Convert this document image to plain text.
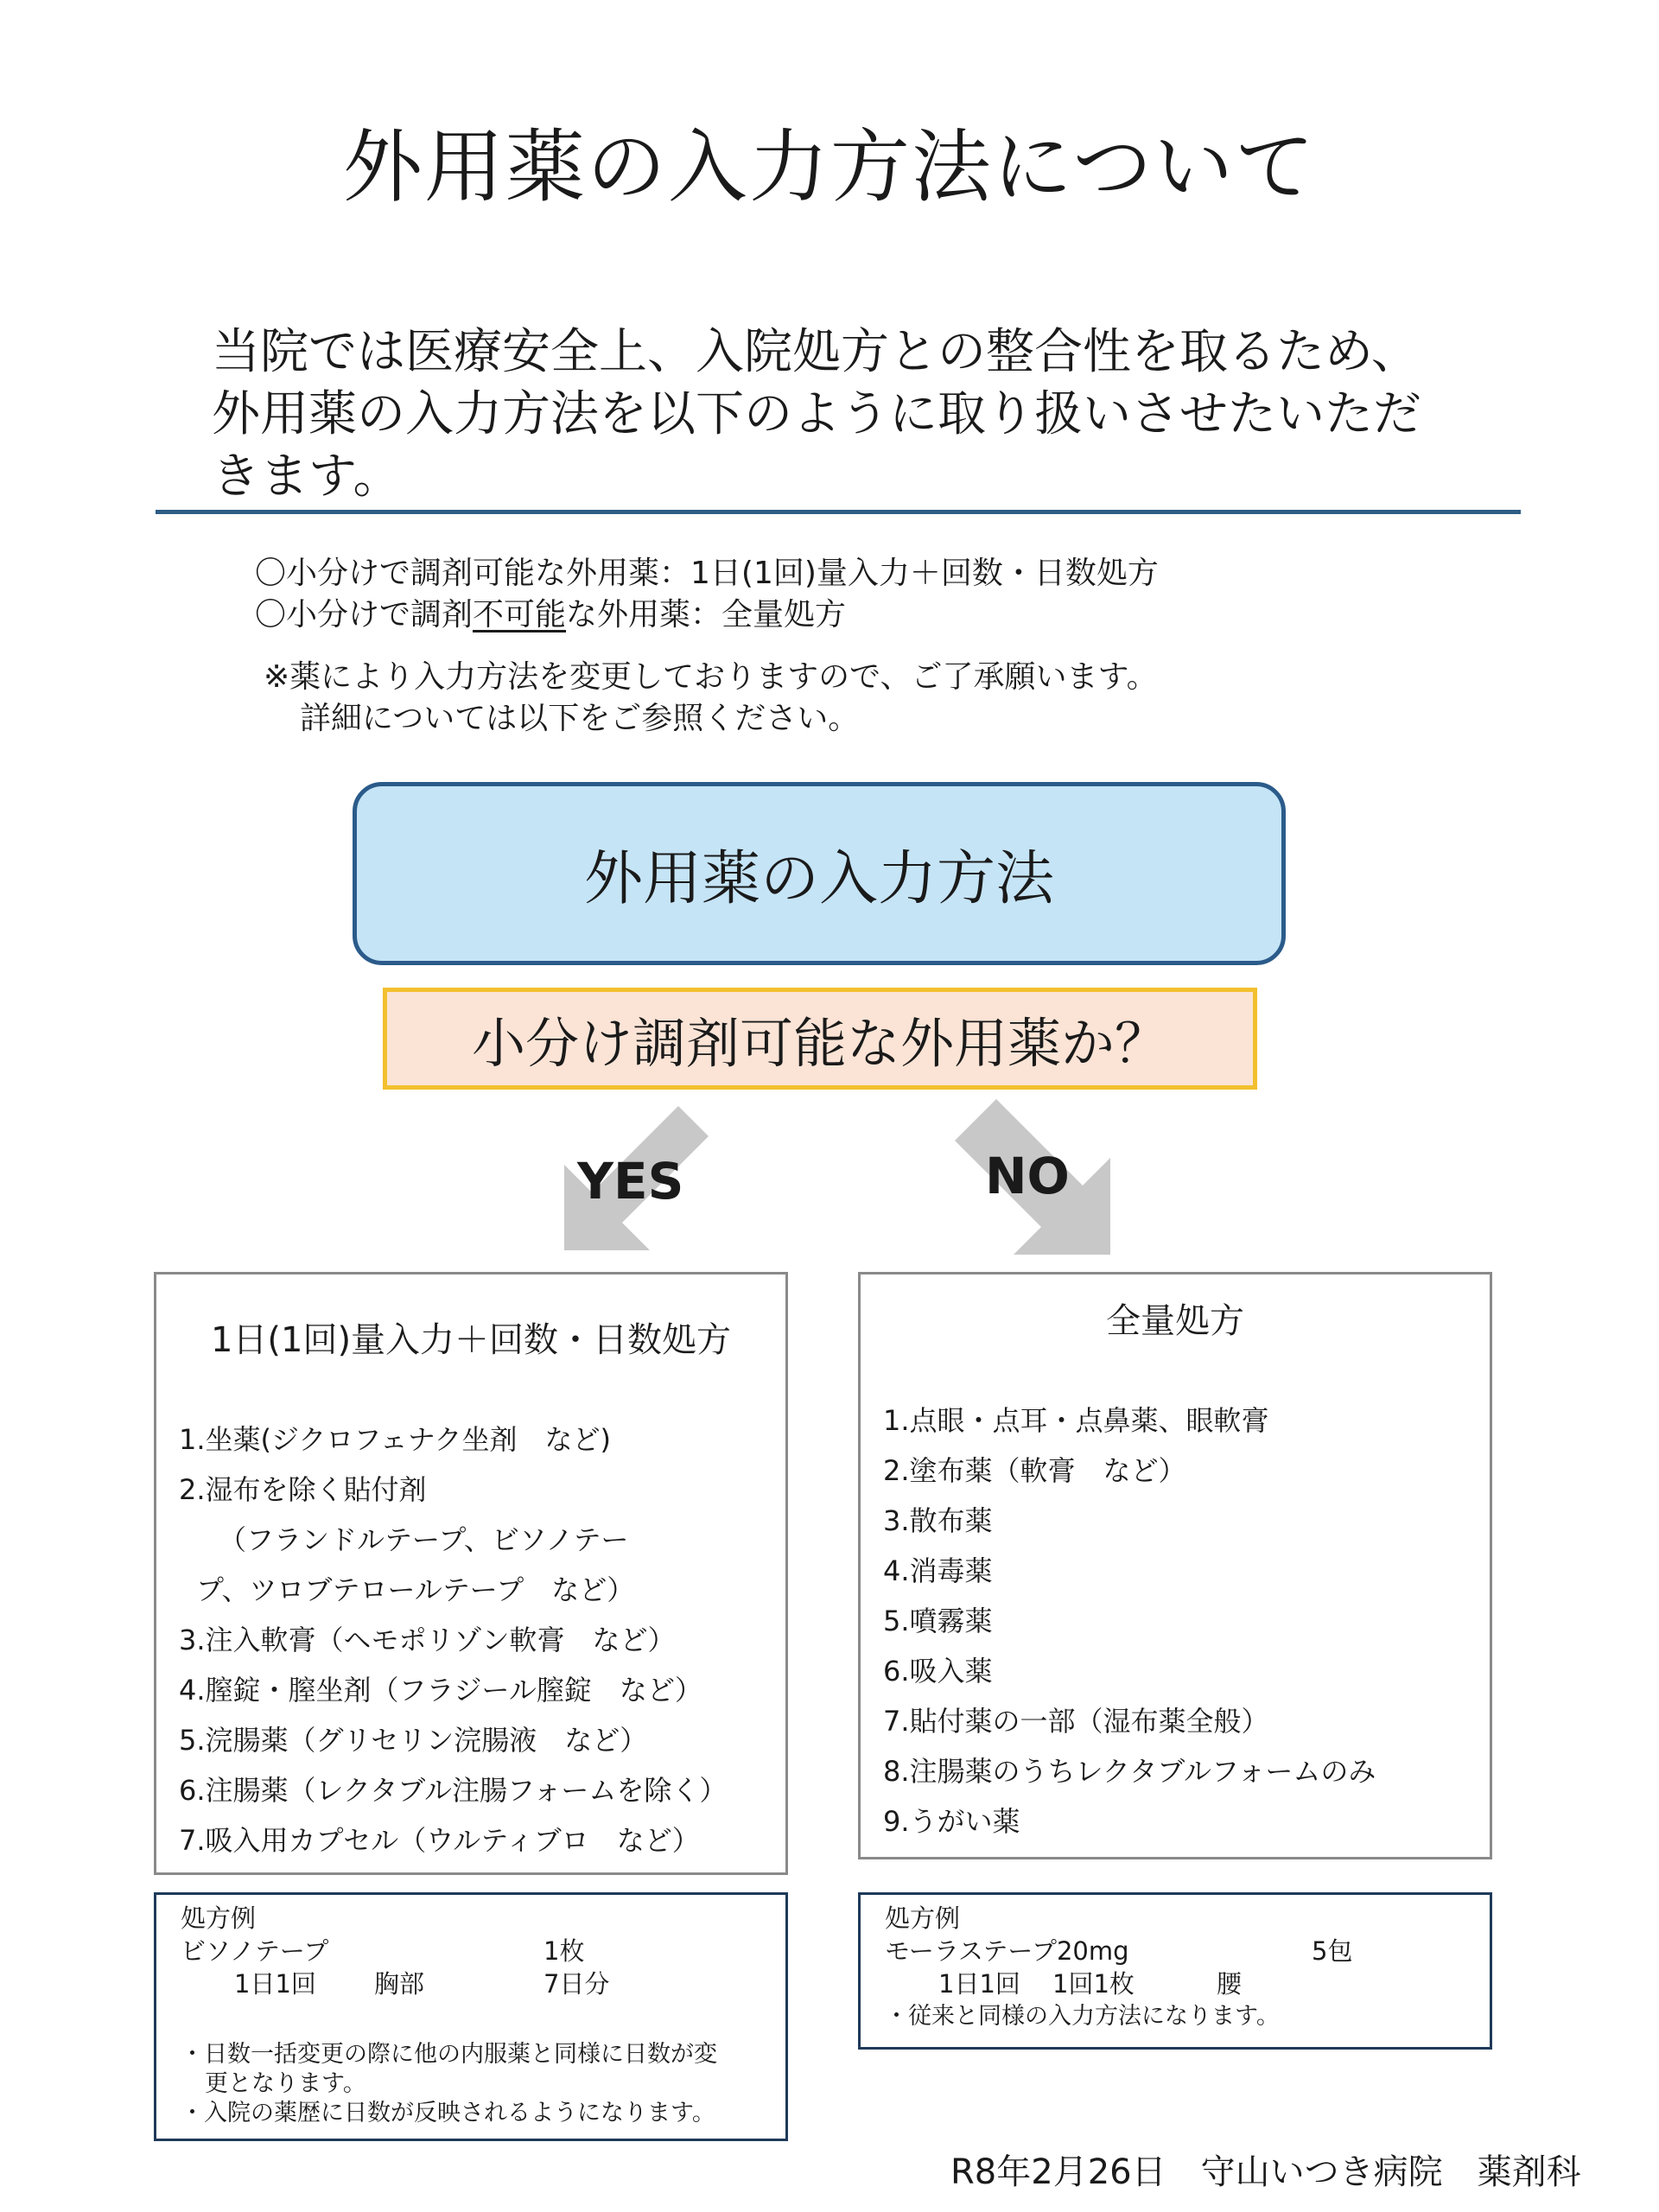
外用薬の入力方法について
当院では医療安全上、入院処方との整合性を取るため、
外用薬の入力方法を以下のように取り扱いさせたいただ
きます。
〇小分けで調剤可能な外用薬：1日(1回)量入力＋回数・日数処方
〇小分けで調剤不可能な外用薬：全量処方
※薬により入力方法を変更しておりますので、ご了承願います。
詳細については以下をご参照ください。
外用薬の入力方法
小分け調剤可能な外用薬か？
YES	NO
1日(1回)量入力＋回数・日数処方
1.坐薬(ジクロフェナク坐剤　など)
2.湿布を除く貼付剤
（フランドルテープ、ビソノテー
プ、ツロブテロールテープ　など）
3.注入軟膏（ヘモポリゾン軟膏　など）
4.膣錠・膣坐剤（フラジール膣錠　など）
5.浣腸薬（グリセリン浣腸液　など）
6.注腸薬（レクタブル注腸フォームを除く）
7.吸入用カプセル（ウルティブロ　など）
全量処方
1.点眼・点耳・点鼻薬、眼軟膏
2.塗布薬（軟膏　など）
3.散布薬
4.消毒薬
5.噴霧薬
6.吸入薬
7.貼付薬の一部（湿布薬全般）
8.注腸薬のうちレクタブルフォームのみ
9.うがい薬
処方例
ビソノテープ	1枚
1日1回 胸部	7日分
・日数一括変更の際に他の内服薬と同様に日数が変
更となります。
・入院の薬歴に日数が反映されるようになります。
処方例
モーラステープ20mg	5包
1日1回 1回1枚	腰
・従来と同様の入力方法になります。
R8年2月26日　守山いつき病院　薬剤科
